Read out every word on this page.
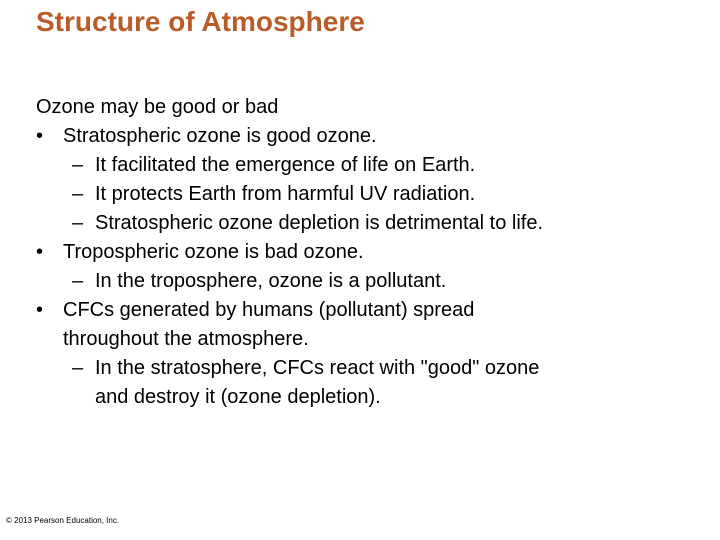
Structure of Atmosphere
Ozone may be good or bad
• Stratospheric ozone is good ozone.
– It facilitated the emergence of life on Earth.
– It protects Earth from harmful UV radiation.
– Stratospheric ozone depletion is detrimental to life.
• Tropospheric ozone is bad ozone.
– In the troposphere, ozone is a pollutant.
• CFCs generated by humans (pollutant) spread
throughout the atmosphere.
– In the stratosphere, CFCs react with "good" ozone
and destroy it (ozone depletion).
© 2013 Pearson Education, Inc.
